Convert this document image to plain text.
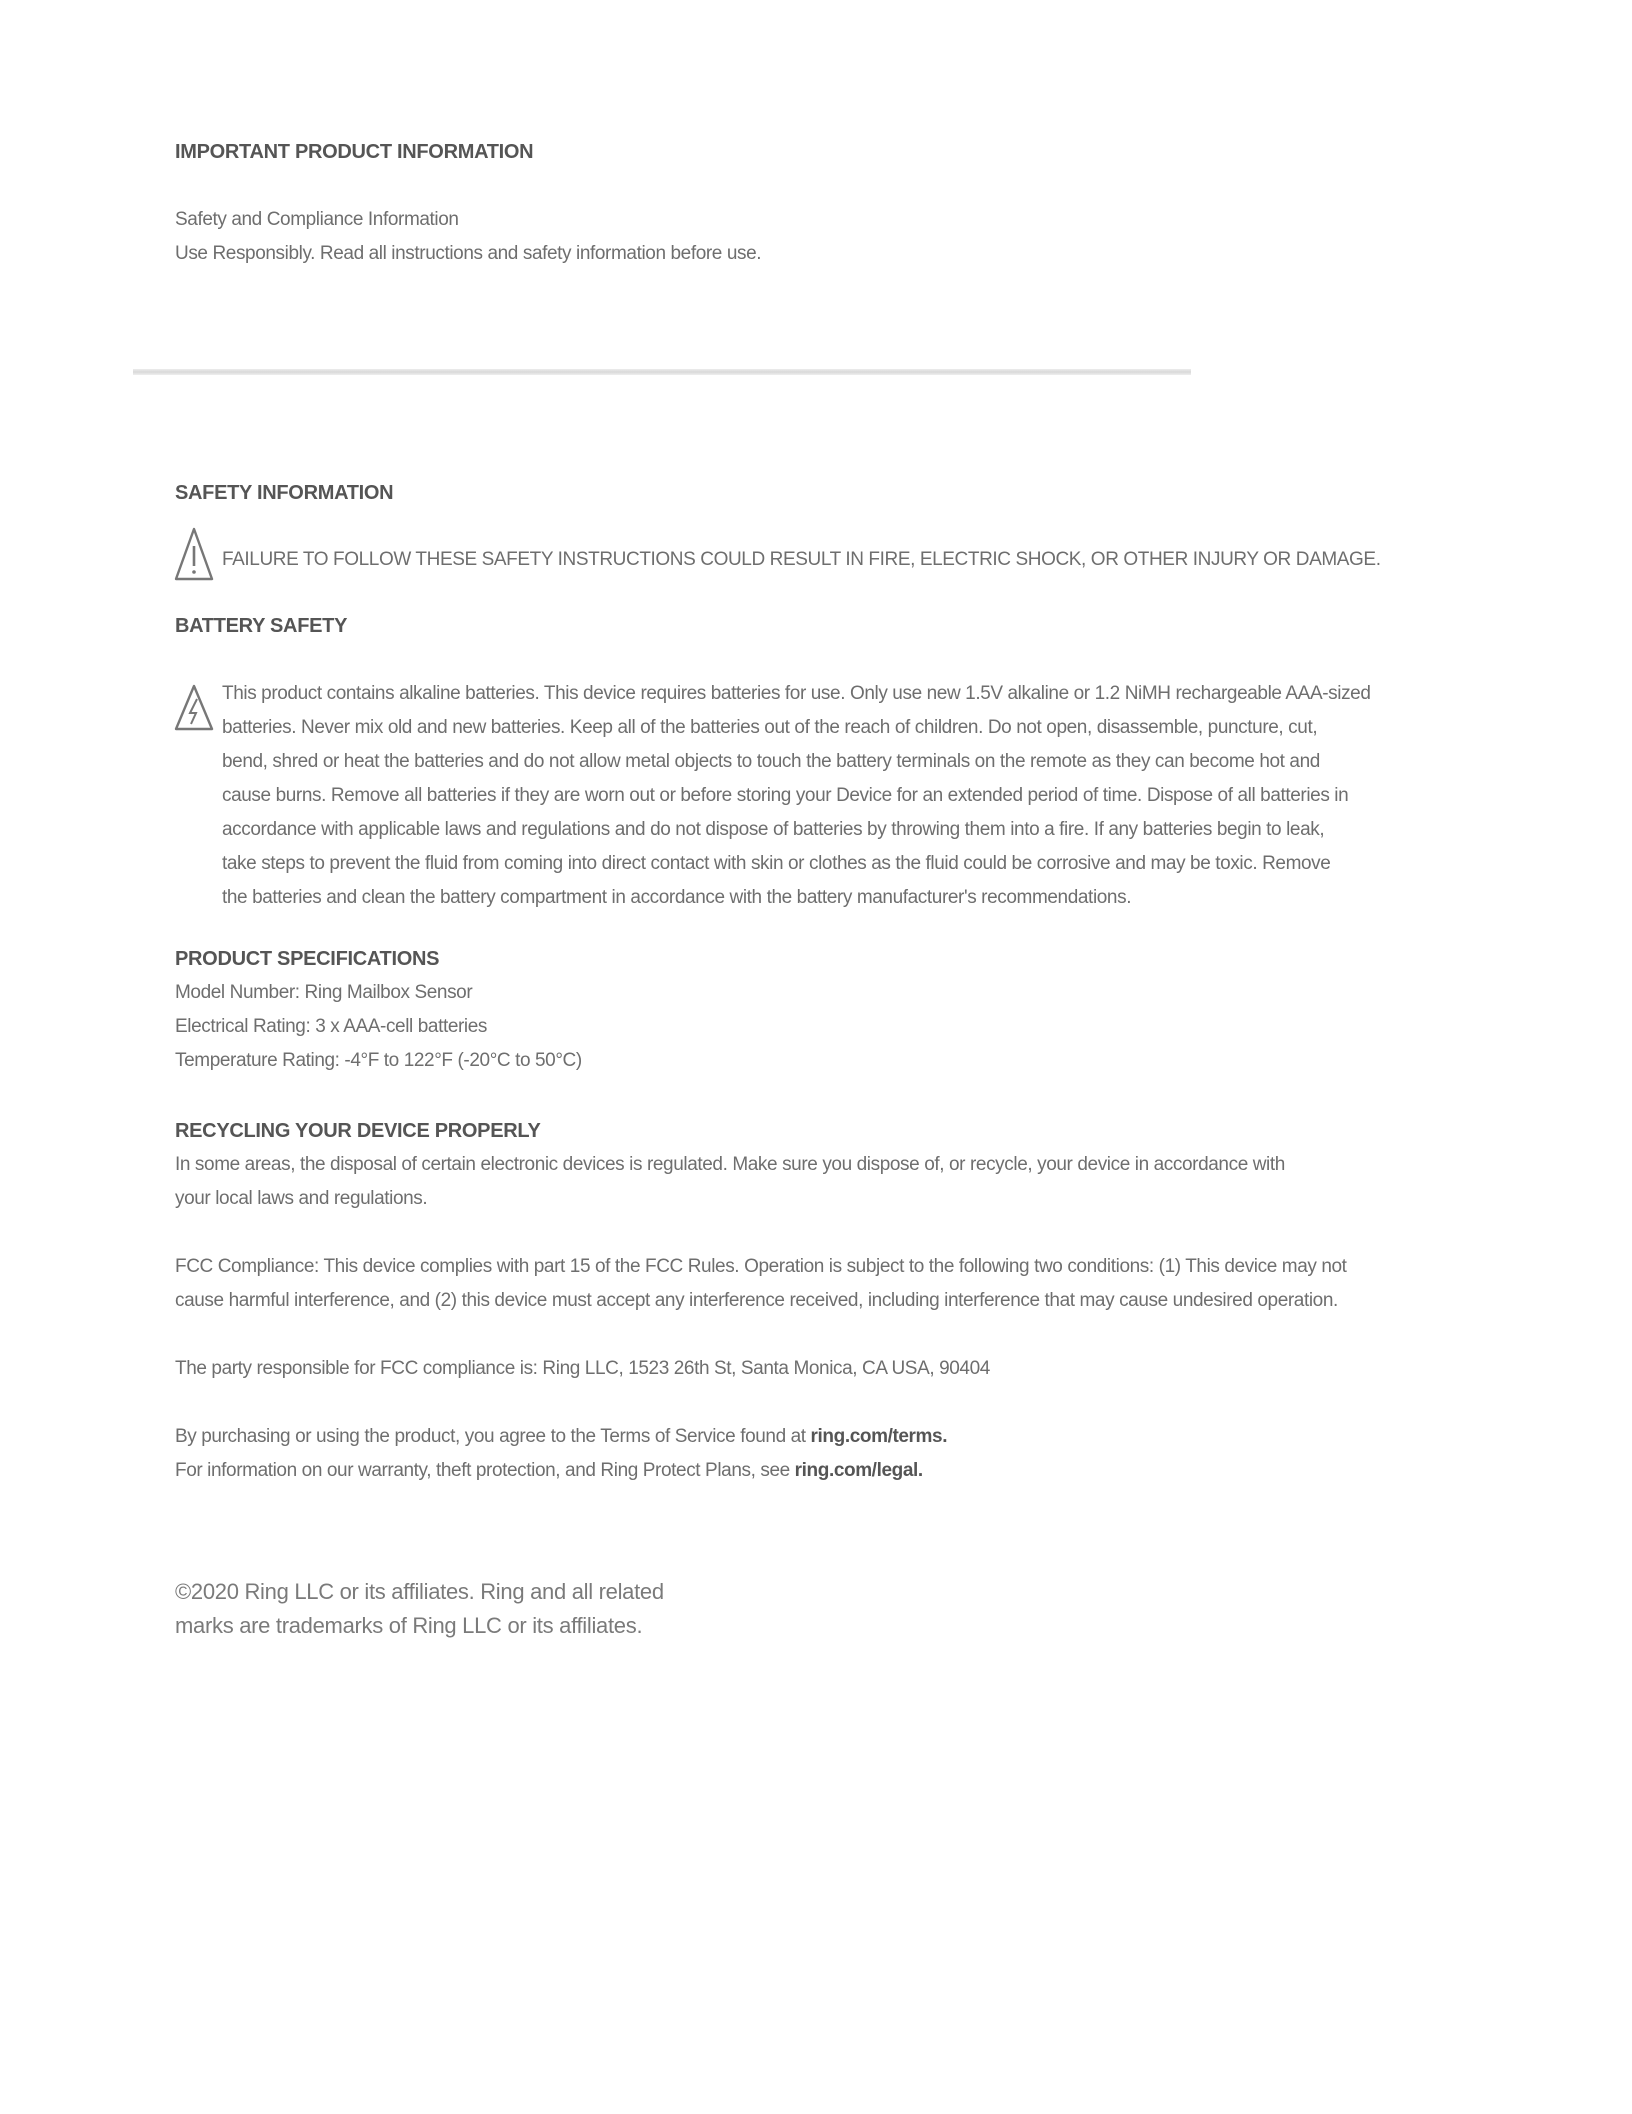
IMPORTANT PRODUCT INFORMATION
Safety and Compliance Information
Use Responsibly. Read all instructions and safety information before use.
SAFETY INFORMATION
FAILURE TO FOLLOW THESE SAFETY INSTRUCTIONS COULD RESULT IN FIRE, ELECTRIC SHOCK, OR OTHER INJURY OR DAMAGE.
BATTERY SAFETY
This product contains alkaline batteries. This device requires batteries for use. Only use new 1.5V alkaline or 1.2 NiMH rechargeable AAA-sized
batteries. Never mix old and new batteries. Keep all of the batteries out of the reach of children. Do not open, disassemble, puncture, cut,
bend, shred or heat the batteries and do not allow metal objects to touch the battery terminals on the remote as they can become hot and
cause burns. Remove all batteries if they are worn out or before storing your Device for an extended period of time. Dispose of all batteries in
accordance with applicable laws and regulations and do not dispose of batteries by throwing them into a fire. If any batteries begin to leak,
take steps to prevent the fluid from coming into direct contact with skin or clothes as the fluid could be corrosive and may be toxic. Remove
the batteries and clean the battery compartment in accordance with the battery manufacturer's recommendations.
PRODUCT SPECIFICATIONS
Model Number: Ring Mailbox Sensor
Electrical Rating: 3 x AAA-cell batteries
Temperature Rating: -4°F to 122°F (-20°C to 50°C)
RECYCLING YOUR DEVICE PROPERLY
In some areas, the disposal of certain electronic devices is regulated. Make sure you dispose of, or recycle, your device in accordance with
your local laws and regulations.
FCC Compliance: This device complies with part 15 of the FCC Rules. Operation is subject to the following two conditions: (1) This device may not
cause harmful interference, and (2) this device must accept any interference received, including interference that may cause undesired operation.
The party responsible for FCC compliance is: Ring LLC, 1523 26th St, Santa Monica, CA USA, 90404
By purchasing or using the product, you agree to the Terms of Service found at ring.com/terms.
For information on our warranty, theft protection, and Ring Protect Plans, see ring.com/legal.
©2020 Ring LLC or its affiliates. Ring and all related
marks are trademarks of Ring LLC or its affiliates.
